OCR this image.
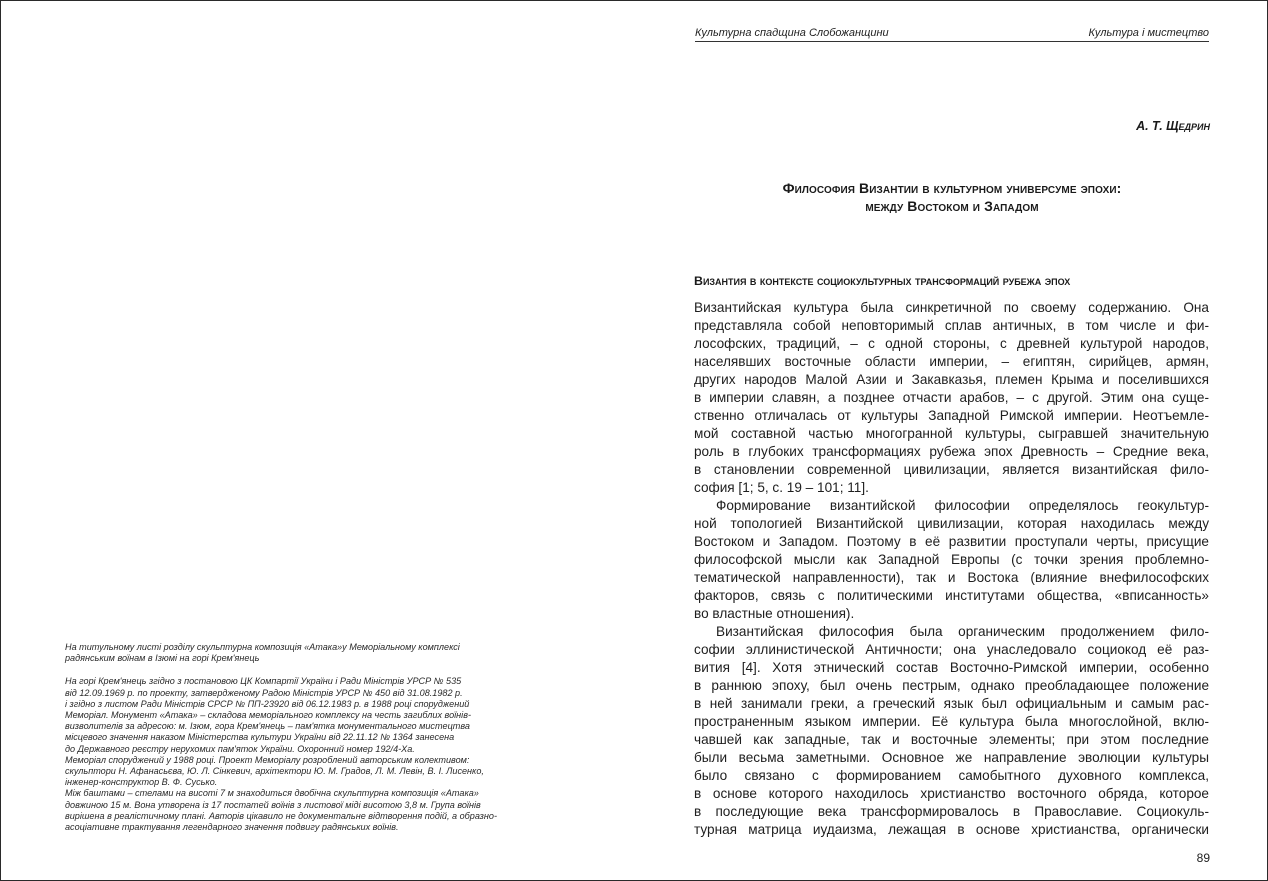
На титульному листі розділу скульптурна композиція «Атака»у Меморіальному комплексі
радянським воїнам в Ізюмі на горі Крем'янець
На горі Крем'янець згідно з постановою ЦК Компартії України і Ради Міністрів УРСР № 535
від 12.09.1969 р. по проекту, затвердженому Радою Міністрів УРСР № 450 від 31.08.1982 р.
і згідно з листом Ради Міністрів СРСР № ПП-23920 від 06.12.1983 р. в 1988 році споруджений
Меморіал. Монумент «Атака» – складова меморіального комплексу на честь загиблих воїнів-
визволителів за адресою: м. Ізюм, гора Крем'янець – пам'ятка монументального мистецтва
місцевого значення наказом Міністерства культури України від 22.11.12 № 1364 занесена
до Державного реєстру нерухомих пам'яток України. Охоронний номер 192/4-Ха.
Меморіал споруджений у 1988 році. Проект Меморіалу розроблений авторським колективом:
скульптори Н. Афанасьєва, Ю. Л. Сінкевич, архітектори Ю. М. Градов, Л. М. Левін, В. І. Лисенко,
інженер-конструктор В. Ф. Сусько.
Між баштами – стелами на висоті 7 м знаходиться двобічна скульптурна композиція «Атака»
довжиною 15 м. Вона утворена із 17 постатей воїнів з листової міді висотою 3,8 м. Група воїнів
вирішена в реалістичному плані. Авторів цікавило не документальне відтворення подій, а образно-
асоціативне трактування легендарного значення подвигу радянських воїнів.
Культурна спадщина Слобожанщини	Культура і мистецтво
А. Т. Щедрин
Философия Византии в культурном универсуме эпохи:
между Востоком и Западом
Византия в контексте социокультурных трансформаций рубежа эпох

Византийская культура была синкретичной по своему содержанию. Она
представляла собой неповторимый сплав античных, в том числе и фи-
лософских, традиций, – с одной стороны, с древней культурой народов,
населявших восточные области империи, – египтян, сирийцев, армян,
других народов Малой Азии и Закавказья, племен Крыма и поселившихся
в империи славян, а позднее отчасти арабов, – с другой. Этим она суще-
ственно отличалась от культуры Западной Римской империи. Неотъемле-
мой составной частью многогранной культуры, сыгравшей значительную
роль в глубоких трансформациях рубежа эпох Древность – Средние века,
в становлении современной цивилизации, является византийская фило-
софия [1; 5, с. 19 – 101; 11].

Формирование византийской философии определялось геокультур-
ной топологией Византийской цивилизации, которая находилась между
Востоком и Западом. Поэтому в её развитии проступали черты, присущие
философской мысли как Западной Европы (с точки зрения проблемно-
тематической направленности), так и Востока (влияние внефилософских
факторов, связь с политическими институтами общества, «вписанность»
во властные отношения).

Византийская философия была органическим продолжением фило-
софии эллинистической Античности; она унаследовало социокод её раз-
вития [4]. Хотя этнический состав Восточно-Римской империи, особенно
в раннюю эпоху, был очень пестрым, однако преобладающее положение
в ней занимали греки, а греческий язык был официальным и самым рас-
пространенным языком империи. Её культура была многослойной, вклю-
чавшей как западные, так и восточные элементы; при этом последние
были весьма заметными. Основное же направление эволюции культуры
было связано с формированием самобытного духовного комплекса,
в основе которого находилось христианство восточного обряда, которое
в последующие века трансформировалось в Православие. Социокуль-
турная матрица иудаизма, лежащая в основе христианства, органически

89
